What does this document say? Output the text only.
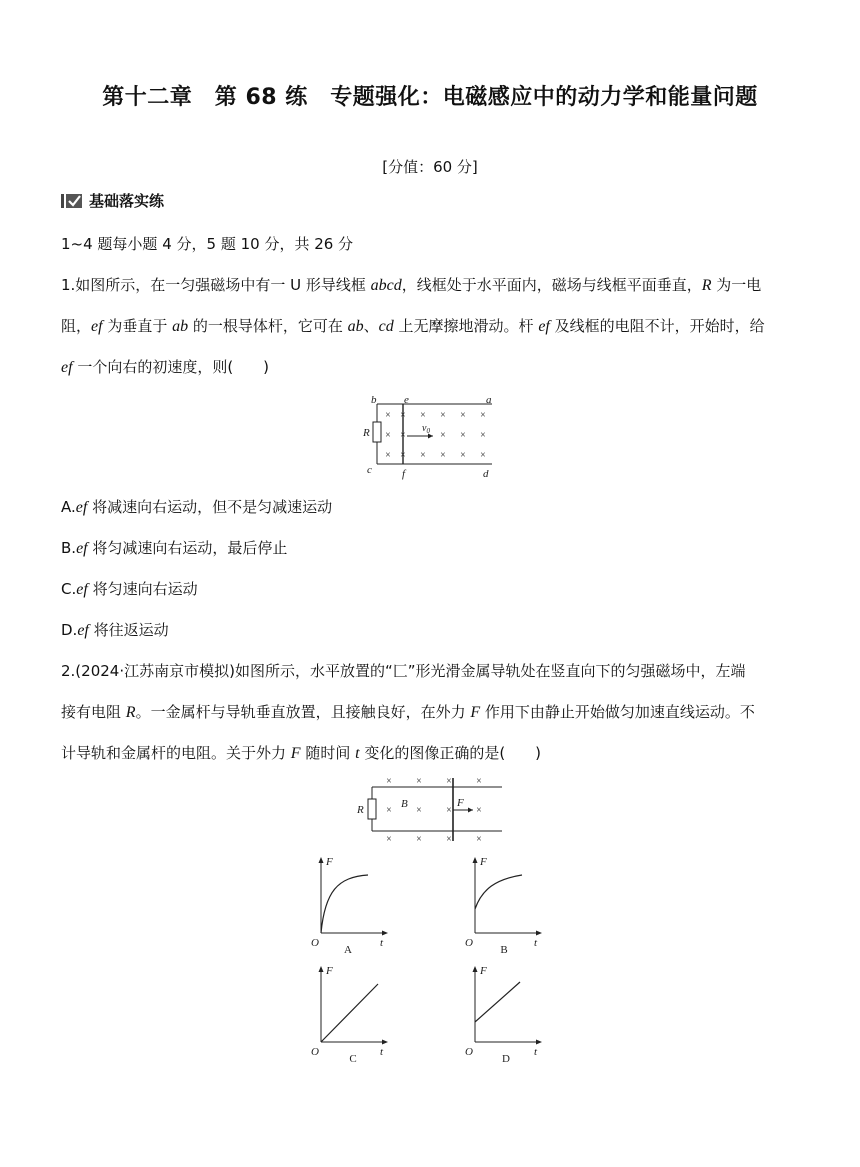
第十二章　第 68 练　专题强化：电磁感应中的动力学和能量问题
[分值：60 分]
基础落实练
1~4 题每小题 4 分，5 题 10 分，共 26 分
1.如图所示，在一匀强磁场中有一 U 形导线框 abcd，线框处于水平面内，磁场与线框平面垂直，R 为一电
阻，ef 为垂直于 ab 的一根导体杆，它可在 ab、cd 上无摩擦地滑动。杆 ef 及线框的电阻不计，开始时，给
ef 一个向右的初速度，则(　　)
× × × × × ×
× ×	× × ×
× × × × × ×
$v_0$
b	e	a
R
c	f	d
A.ef 将减速向右运动，但不是匀减速运动
B.ef 将匀减速向右运动，最后停止
C.ef 将匀速向右运动
D.ef 将往返运动
2.(2024·江苏南京市模拟)如图所示，水平放置的“匚”形光滑金属导轨处在竖直向下的匀强磁场中，左端
接有电阻 R。一金属杆与导轨垂直放置，且接触良好，在外力 F 作用下由静止开始做匀加速直线运动。不
计导轨和金属杆的电阻。关于外力 F 随时间 t 变化的图像正确的是(　　)
× × × ×
× × × ×
× × × ×
R	B	F
F
t
O
A
F
t
O
B
F
t
O
C
F
t
O
D
